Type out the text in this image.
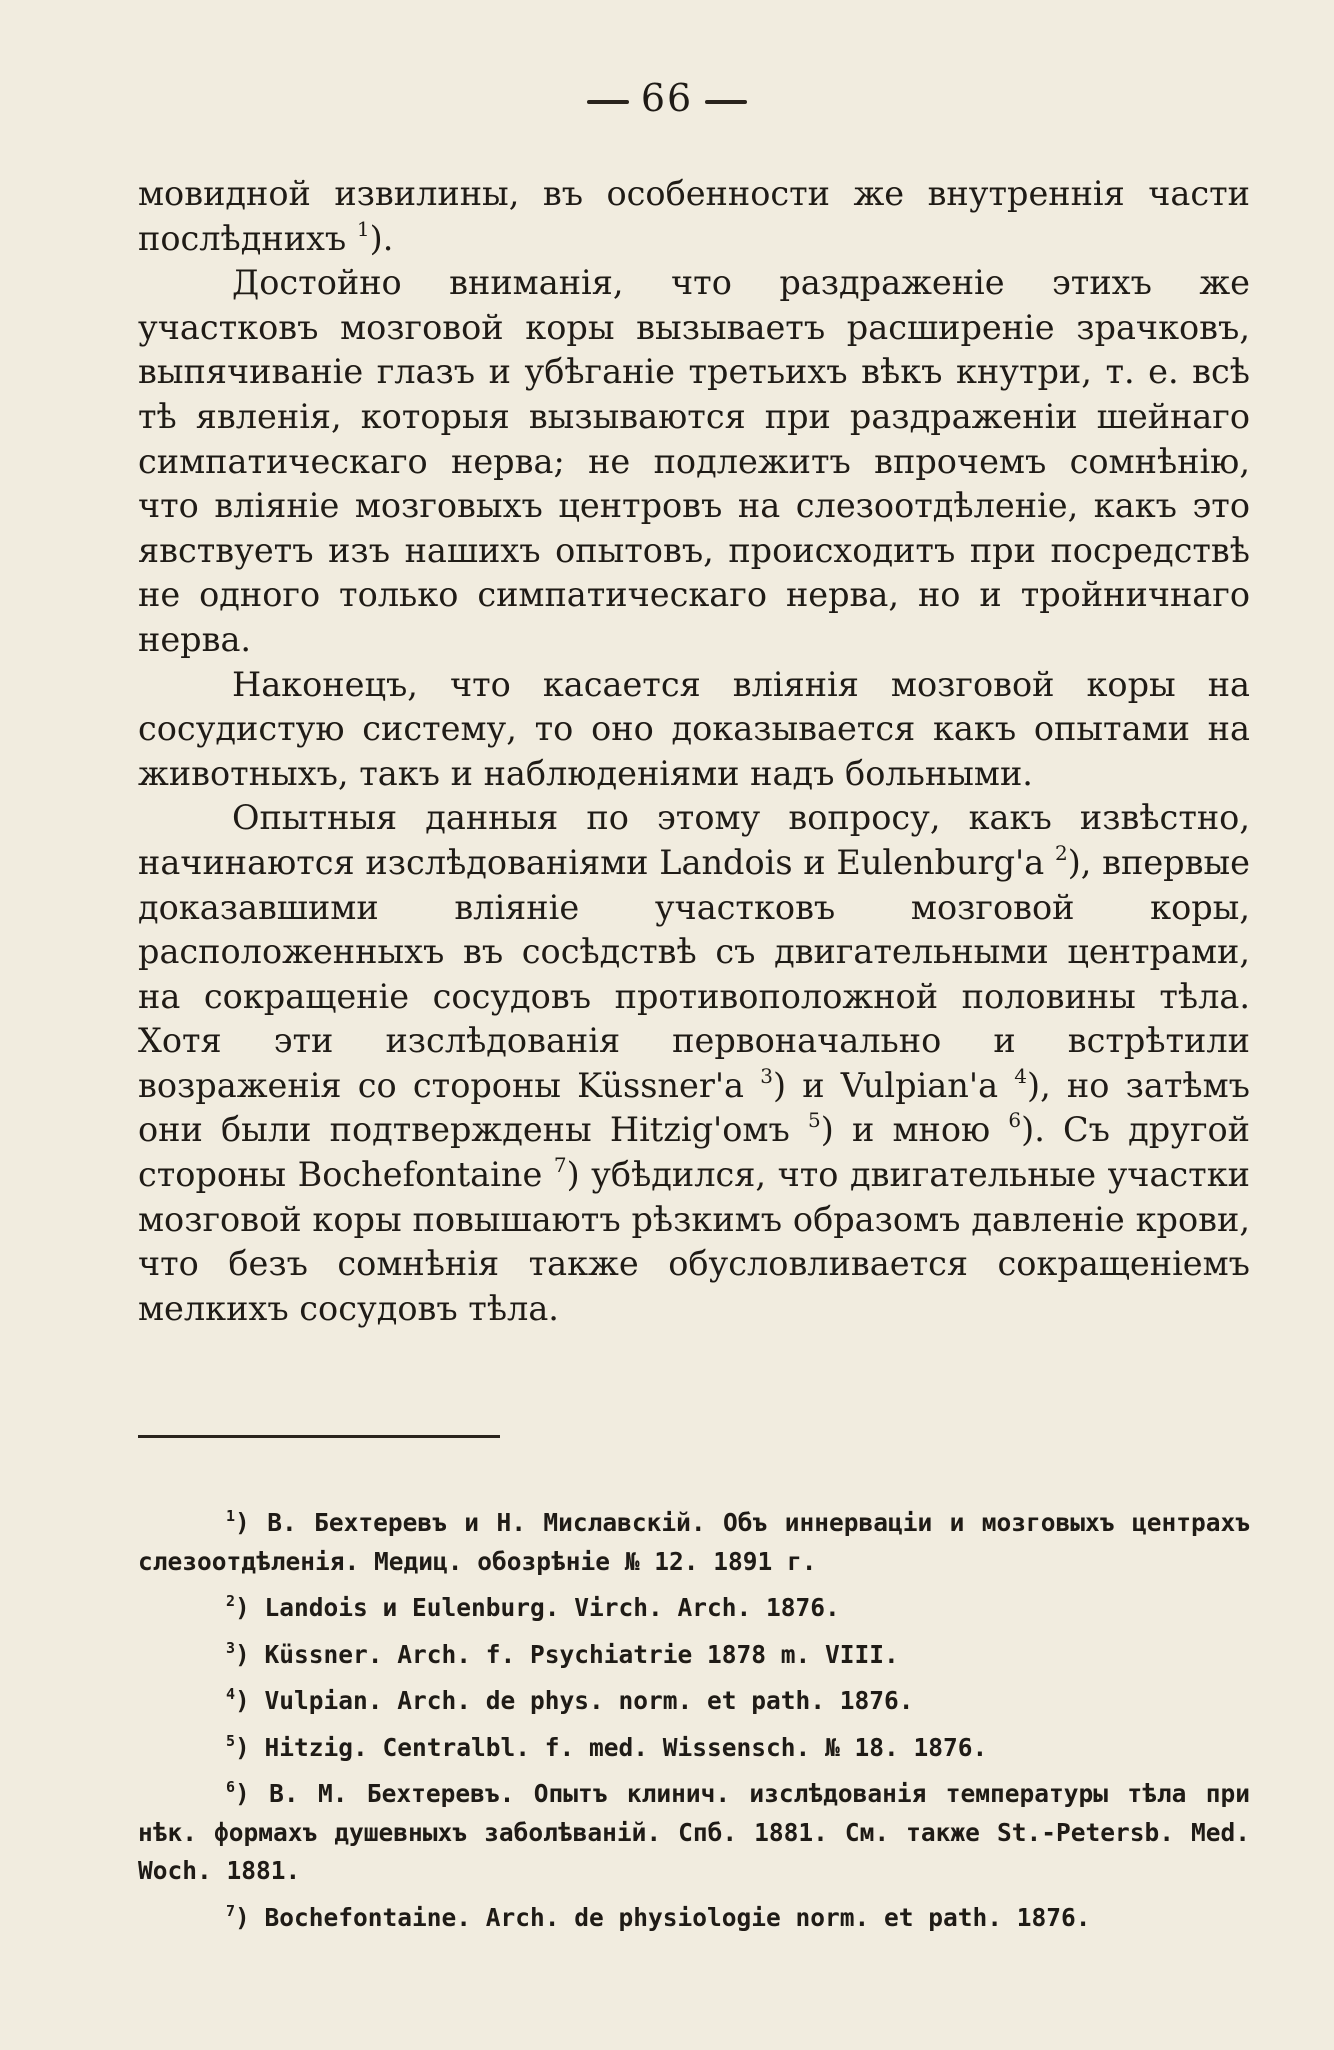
66

мовидной извилины, въ особенности же внутреннія части послѣднихъ $^1$).

Достойно вниманія, что раздраженіе этихъ же участковъ мозговой коры вызываетъ расширеніе зрачковъ, выпячиваніе глазъ и убѣганіе третьихъ вѣкъ кнутри, т. е. всѣ тѣ явленія, которыя вызываются при раздраженіи шейнаго симпатическаго нерва; не подлежитъ впрочемъ сомнѣнію, что вліяніе мозговыхъ центровъ на слезоотдѣленіе, какъ это явствуетъ изъ нашихъ опытовъ, происходитъ при посредствѣ не одного только симпатическаго нерва, но и тройничнаго нерва.

Наконецъ, что касается вліянія мозговой коры на сосудистую систему, то оно доказывается какъ опытами на животныхъ, такъ и наблюденіями надъ больными.

Опытныя данныя по этому вопросу, какъ извѣстно, начинаются изслѣдованіями Landois и Eulenburg'а $^2$), впервые доказавшими вліяніе участковъ мозговой коры, расположенныхъ въ сосѣдствѣ съ двигательными центрами, на сокращеніе сосудовъ противоположной половины тѣла. Хотя эти изслѣдованія первоначально и встрѣтили возраженія со стороны Küssner'а $^3$) и Vulpian'а $^4$), но затѣмъ они были подтверждены Hitzig'омъ $^5$) и мною $^6$). Съ другой стороны Bochefontaine $^7$) убѣдился, что двигательные участки мозговой коры повышаютъ рѣзкимъ образомъ давленіе крови, что безъ сомнѣнія также обусловливается сокращеніемъ мелкихъ сосудовъ тѣла.

$^1$) В. Бехтеревъ и Н. Миславскій. Объ иннерваціи и мозговыхъ центрахъ слезоотдѣленія. Медиц. обозрѣніе № 12. 1891 г.

$^2$) Landois и Eulenburg. Virch. Arch. 1876.

$^3$) Küssner. Arch. f. Psychiatrie 1878 m. VIII.

$^4$) Vulpian. Arch. de phys. norm. et path. 1876.

$^5$) Hitzig. Centralbl. f. med. Wissensch. № 18. 1876.

$^6$) В. М. Бехтеревъ. Опытъ клинич. изслѣдованія температуры тѣла при нѣк. формахъ душевныхъ заболѣваній. Спб. 1881. См. также St.-Petersb. Med. Woch. 1881.

$^7$) Bochefontaine. Arch. de physiologie norm. et path. 1876.
